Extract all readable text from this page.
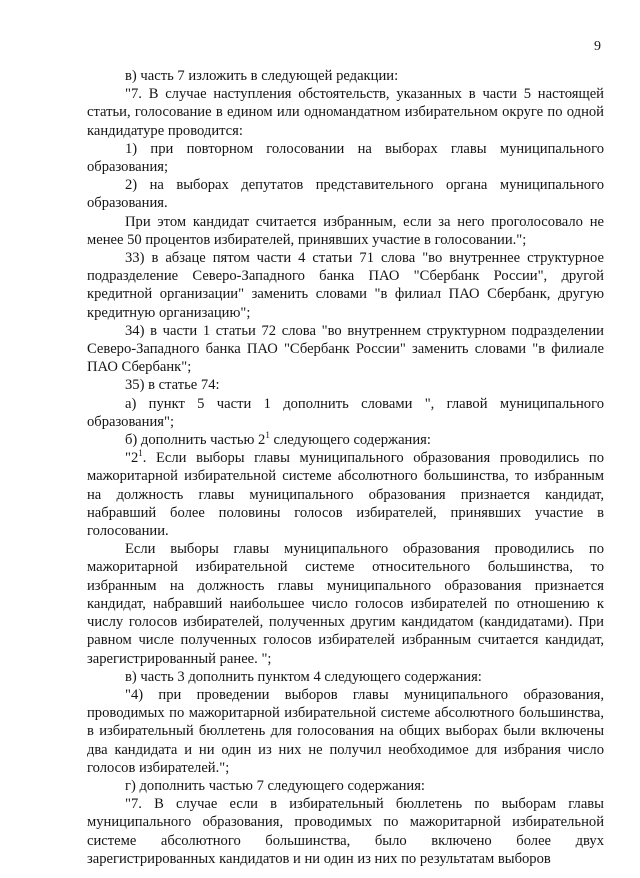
9

в) часть 7 изложить в следующей редакции:

"7. В случае наступления обстоятельств, указанных в части 5 настоящей статьи, голосование в едином или одномандатном избирательном округе по одной кандидатуре проводится:

1) при повторном голосовании на выборах главы муниципального образования;

2) на выборах депутатов представительного органа муниципального образования.

При этом кандидат считается избранным, если за него проголосовало не менее 50 процентов избирателей, принявших участие в голосовании.";

33) в абзаце пятом части 4 статьи 71 слова "во внутреннее структурное подразделение Северо-Западного банка ПАО "Сбербанк России", другой кредитной организации" заменить словами "в филиал ПАО Сбербанк, другую кредитную организацию";

34) в части 1 статьи 72 слова "во внутреннем структурном подразделении Северо-Западного банка ПАО "Сбербанк России" заменить словами "в филиале ПАО Сбербанк";

35) в статье 74:

а) пункт 5 части 1 дополнить словами ", главой муниципального образования";

б) дополнить частью $2^1$ следующего содержания:

"$2^1$. Если выборы главы муниципального образования проводились по мажоритарной избирательной системе абсолютного большинства, то избранным на должность главы муниципального образования признается кандидат, набравший более половины голосов избирателей, принявших участие в голосовании.

Если выборы главы муниципального образования проводились по мажоритарной избирательной системе относительного большинства, то избранным на должность главы муниципального образования признается кандидат, набравший наибольшее число голосов избирателей по отношению к числу голосов избирателей, полученных другим кандидатом (кандидатами). При равном числе полученных голосов избирателей избранным считается кандидат, зарегистрированный ранее. ";

в) часть 3 дополнить пунктом 4 следующего содержания:

"4) при проведении выборов главы муниципального образования, проводимых по мажоритарной избирательной системе абсолютного большинства, в избирательный бюллетень для голосования на общих выборах были включены два кандидата и ни один из них не получил необходимое для избрания число голосов избирателей.";

г) дополнить частью 7 следующего содержания:

"7. В случае если в избирательный бюллетень по выборам главы муниципального образования, проводимых по мажоритарной избирательной системе абсолютного большинства, было включено более двух зарегистрированных кандидатов и ни один из них по результатам выборов
